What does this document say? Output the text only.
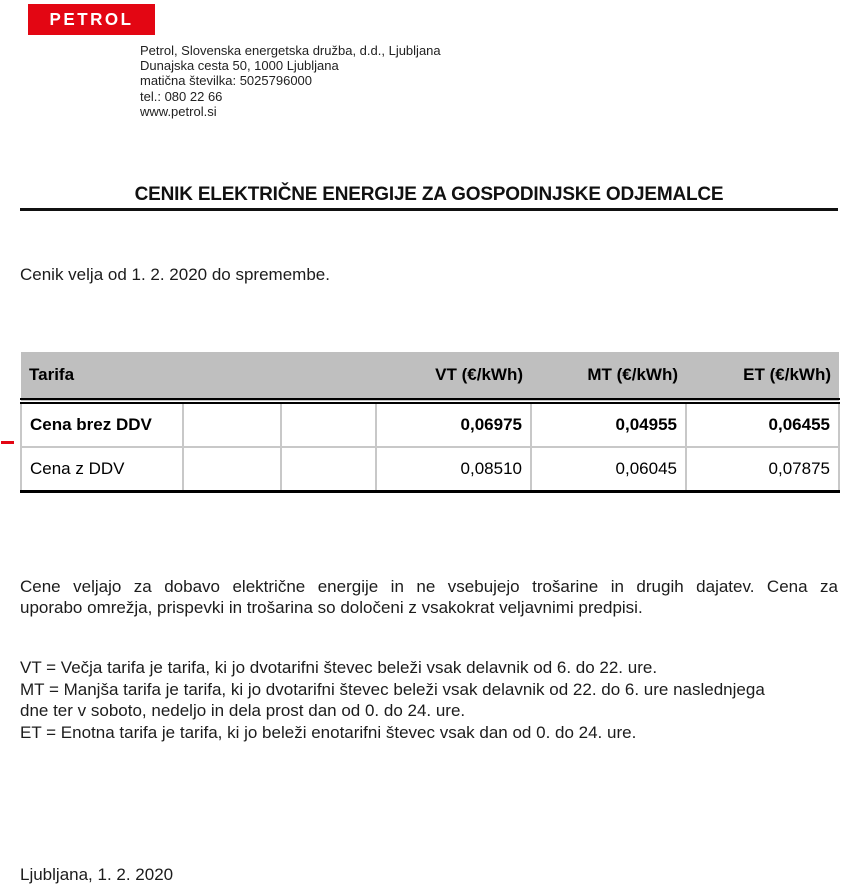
PETROL
Petrol, Slovenska energetska družba, d.d., Ljubljana
Dunajska cesta 50, 1000 Ljubljana
matična številka: 5025796000
tel.: 080 22 66
www.petrol.si
CENIK ELEKTRIČNE ENERGIJE ZA GOSPODINJSKE ODJEMALCE
Cenik velja od 1. 2. 2020 do spremembe.
Tarifa			VT (€/kWh)	MT (€/kWh)	ET (€/kWh)
Cena brez DDV			0,06975	0,04955	0,06455
Cena z DDV			0,08510	0,06045	0,07875
Cene veljajo za dobavo električne energije in ne vsebujejo trošarine in drugih dajatev. Cena za
uporabo omrežja, prispevki in trošarina so določeni z vsakokrat veljavnimi predpisi.
VT = Večja tarifa je tarifa, ki jo dvotarifni števec beleži vsak delavnik od 6. do 22. ure.
MT = Manjša tarifa je tarifa, ki jo dvotarifni števec beleži vsak delavnik od 22. do 6. ure naslednjega
dne ter v soboto, nedeljo in dela prost dan od 0. do 24. ure.
ET = Enotna tarifa je tarifa, ki jo beleži enotarifni števec vsak dan od 0. do 24. ure.
Ljubljana, 1. 2. 2020
